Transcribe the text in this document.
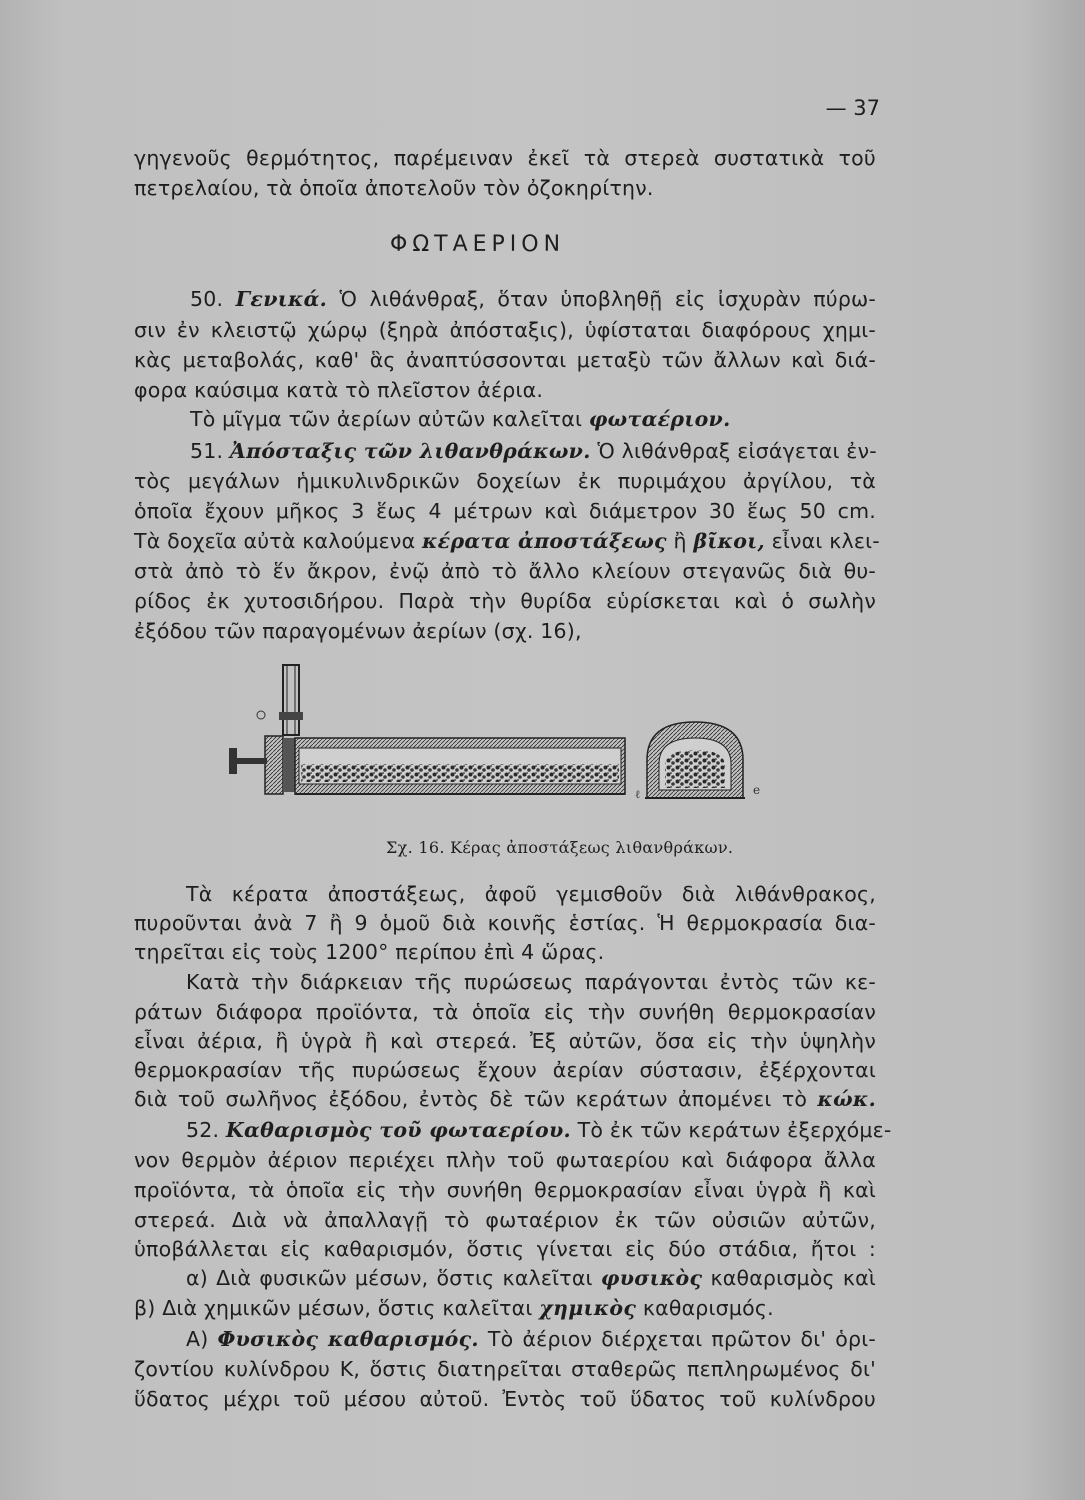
— 37
γηγενοῦς θερμότητος, παρέμειναν ἐκεῖ τὰ στερεὰ συστατικὰ τοῦ
πετρελαίου, τὰ ὁποῖα ἀποτελοῦν τὸν ὀζοκηρίτην.
ΦΩΤΑΕΡΙΟΝ
50. Γενικά. Ὁ λιθάνθραξ, ὅταν ὑποβληθῇ εἰς ἰσχυρὰν πύρω-
σιν ἐν κλειστῷ χώρῳ (ξηρὰ ἀπόσταξις), ὑφίσταται διαφόρους χημι-
κὰς μεταβολάς, καθ' ἃς ἀναπτύσσονται μεταξὺ τῶν ἄλλων καὶ διά-
φορα καύσιμα κατὰ τὸ πλεῖστον ἀέρια.
Τὸ μῖγμα τῶν ἀερίων αὐτῶν καλεῖται φωταέριον.
51. Ἀπόσταξις τῶν λιθανθράκων. Ὁ λιθάνθραξ εἰσάγεται ἐν-
τὸς μεγάλων ἡμικυλινδρικῶν δοχείων ἐκ πυριμάχου ἀργίλου, τὰ
ὁποῖα ἔχουν μῆκος 3 ἕως 4 μέτρων καὶ διάμετρον 30 ἕως 50 cm.
Τὰ δοχεῖα αὐτὰ καλούμενα κέρατα ἀποστάξεως ἢ βῖκοι, εἶναι κλει-
στὰ ἀπὸ τὸ ἕν ἄκρον, ἐνῷ ἀπὸ τὸ ἄλλο κλείουν στεγανῶς διὰ θυ-
ρίδος ἐκ χυτοσιδήρου. Παρὰ τὴν θυρίδα εὑρίσκεται καὶ ὁ σωλὴν
ἐξόδου τῶν παραγομένων ἀερίων (σχ. 16),
ℓ	e
Σχ. 16. Κέρας ἀποστάξεως λιθανθράκων.
Τὰ κέρατα ἀποστάξεως, ἀφοῦ γεμισθοῦν διὰ λιθάνθρακος,
πυροῦνται ἀνὰ 7 ἢ 9 ὁμοῦ διὰ κοινῆς ἑστίας. Ἡ θερμοκρασία δια-
τηρεῖται εἰς τοὺς 1200° περίπου ἐπὶ 4 ὥρας.
Κατὰ τὴν διάρκειαν τῆς πυρώσεως παράγονται ἐντὸς τῶν κε-
ράτων διάφορα προϊόντα, τὰ ὁποῖα εἰς τὴν συνήθη θερμοκρασίαν
εἶναι ἀέρια, ἢ ὑγρὰ ἢ καὶ στερεά. Ἐξ αὐτῶν, ὅσα εἰς τὴν ὑψηλὴν
θερμοκρασίαν τῆς πυρώσεως ἔχουν ἀερίαν σύστασιν, ἐξέρχονται
διὰ τοῦ σωλῆνος ἐξόδου, ἐντὸς δὲ τῶν κεράτων ἀπομένει τὸ κώκ.
52. Καθαρισμὸς τοῦ φωταερίου. Τὸ ἐκ τῶν κεράτων ἐξερχόμε-
νον θερμὸν ἀέριον περιέχει πλὴν τοῦ φωταερίου καὶ διάφορα ἄλλα
προϊόντα, τὰ ὁποῖα εἰς τὴν συνήθη θερμοκρασίαν εἶναι ὑγρὰ ἢ καὶ
στερεά. Διὰ νὰ ἀπαλλαγῇ τὸ φωταέριον ἐκ τῶν οὐσιῶν αὐτῶν,
ὑποβάλλεται εἰς καθαρισμόν, ὅστις γίνεται εἰς δύο στάδια, ἤτοι :
α) Διὰ φυσικῶν μέσων, ὅστις καλεῖται φυσικὸς καθαρισμὸς καὶ
β) Διὰ χημικῶν μέσων, ὅστις καλεῖται χημικὸς καθαρισμός.
Α) Φυσικὸς καθαρισμός. Τὸ ἀέριον διέρχεται πρῶτον δι' ὁρι-
ζοντίου κυλίνδρου Κ, ὅστις διατηρεῖται σταθερῶς πεπληρωμένος δι'
ὕδατος μέχρι τοῦ μέσου αὐτοῦ. Ἐντὸς τοῦ ὕδατος τοῦ κυλίνδρου
